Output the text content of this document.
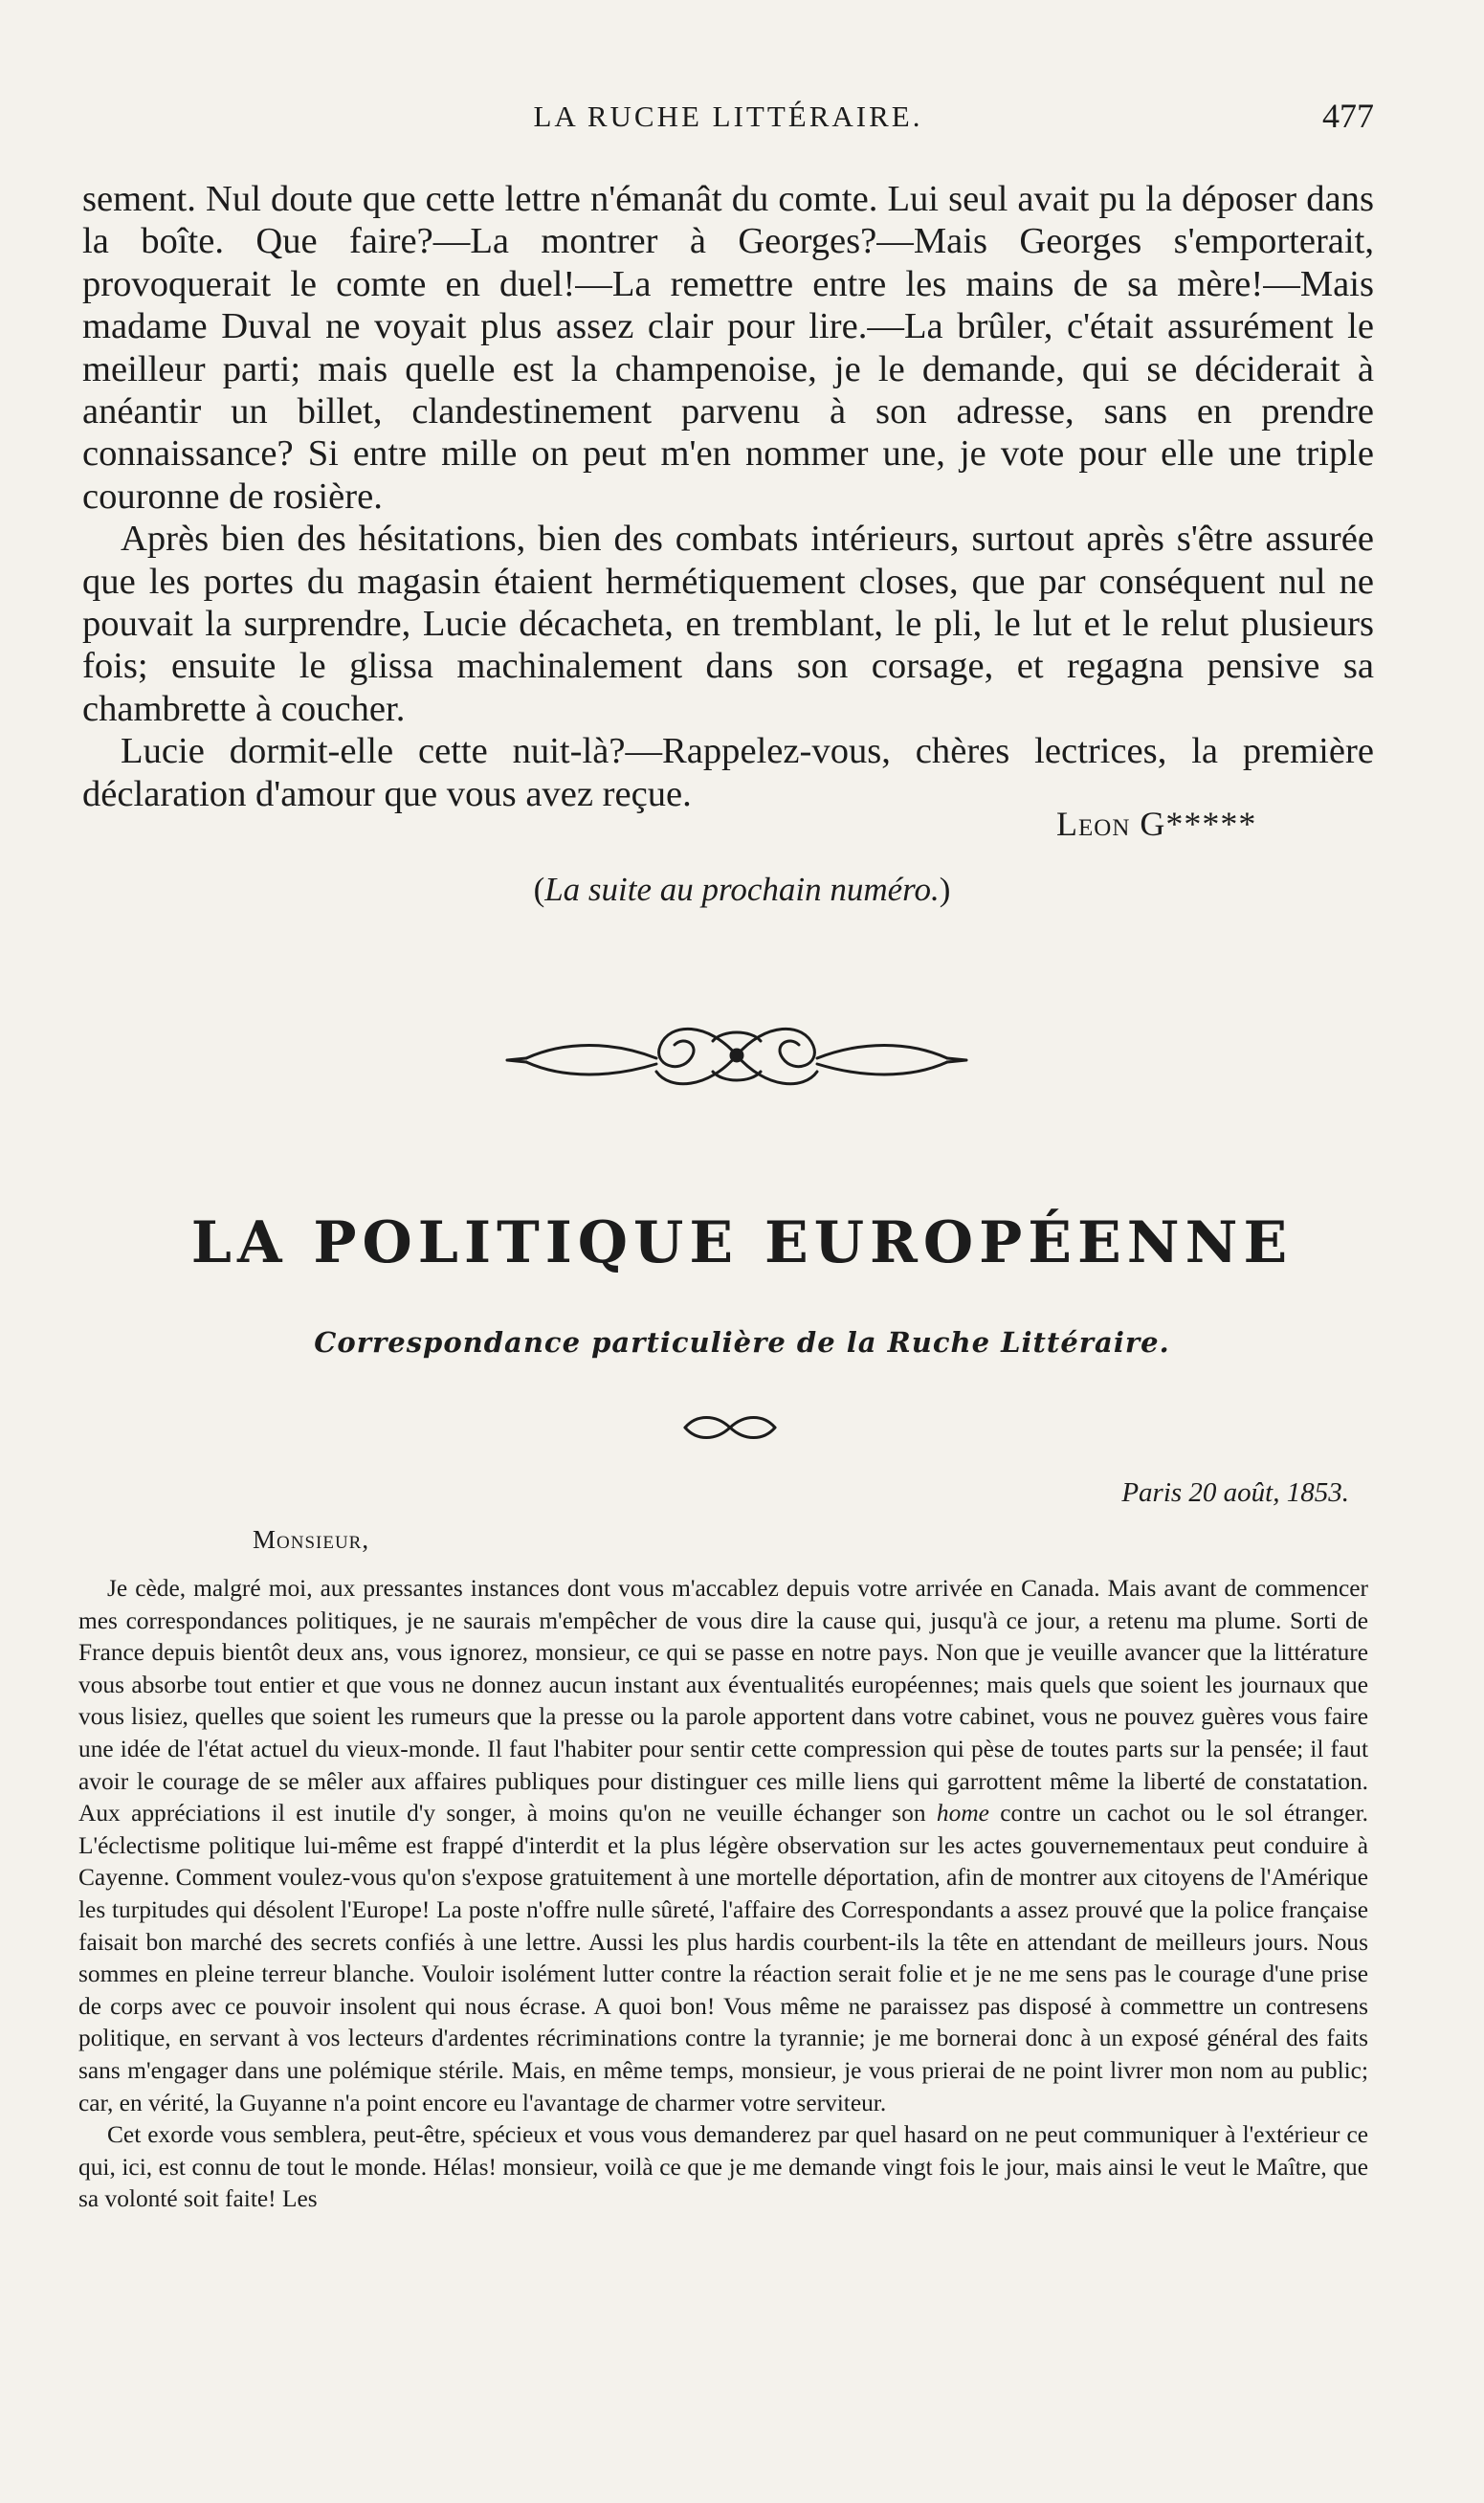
LA RUCHE LITTÉRAIRE.	477

sement. Nul doute que cette lettre n'émanât du comte. Lui seul avait pu la déposer dans la boîte. Que faire?—La montrer à Georges?—Mais Georges s'emporterait, provoquerait le comte en duel!—La remettre entre les mains de sa mère!—Mais madame Duval ne voyait plus assez clair pour lire.—La brûler, c'était assurément le meilleur parti; mais quelle est la champenoise, je le demande, qui se déciderait à anéantir un billet, clandestinement parvenu à son adresse, sans en prendre connaissance? Si entre mille on peut m'en nommer une, je vote pour elle une triple couronne de rosière.

Après bien des hésitations, bien des combats intérieurs, surtout après s'être assurée que les portes du magasin étaient hermétiquement closes, que par conséquent nul ne pouvait la surprendre, Lucie décacheta, en tremblant, le pli, le lut et le relut plusieurs fois; ensuite le glissa machinalement dans son corsage, et regagna pensive sa chambrette à coucher.

Lucie dormit-elle cette nuit-là?—Rappelez-vous, chères lectrices, la première déclaration d'amour que vous avez reçue.

Leon G*****
(La suite au prochain numéro.)
LA POLITIQUE EUROPÉENNE
Correspondance particulière de la Ruche Littéraire.
Paris 20 août, 1853.
Monsieur,

Je cède, malgré moi, aux pressantes instances dont vous m'accablez depuis votre arrivée en Canada. Mais avant de commencer mes correspondances politiques, je ne saurais m'empêcher de vous dire la cause qui, jusqu'à ce jour, a retenu ma plume. Sorti de France depuis bientôt deux ans, vous ignorez, monsieur, ce qui se passe en notre pays. Non que je veuille avancer que la littérature vous absorbe tout entier et que vous ne donnez aucun instant aux éventualités européennes; mais quels que soient les journaux que vous lisiez, quelles que soient les rumeurs que la presse ou la parole apportent dans votre cabinet, vous ne pouvez guères vous faire une idée de l'état actuel du vieux-monde. Il faut l'habiter pour sentir cette compression qui pèse de toutes parts sur la pensée; il faut avoir le courage de se mêler aux affaires publiques pour distinguer ces mille liens qui garrottent même la liberté de constatation. Aux appréciations il est inutile d'y songer, à moins qu'on ne veuille échanger son home contre un cachot ou le sol étranger. L'éclectisme politique lui-même est frappé d'interdit et la plus légère observation sur les actes gouvernementaux peut conduire à Cayenne. Comment voulez-vous qu'on s'expose gratuitement à une mortelle déportation, afin de montrer aux citoyens de l'Amérique les turpitudes qui désolent l'Europe! La poste n'offre nulle sûreté, l'affaire des Correspondants a assez prouvé que la police française faisait bon marché des secrets confiés à une lettre. Aussi les plus hardis courbent-ils la tête en attendant de meilleurs jours. Nous sommes en pleine terreur blanche. Vouloir isolément lutter contre la réaction serait folie et je ne me sens pas le courage d'une prise de corps avec ce pouvoir insolent qui nous écrase. A quoi bon! Vous même ne paraissez pas disposé à commettre un contresens politique, en servant à vos lecteurs d'ardentes récriminations contre la tyrannie; je me bornerai donc à un exposé général des faits sans m'engager dans une polémique stérile. Mais, en même temps, monsieur, je vous prierai de ne point livrer mon nom au public; car, en vérité, la Guyanne n'a point encore eu l'avantage de charmer votre serviteur.

Cet exorde vous semblera, peut-être, spécieux et vous vous demanderez par quel hasard on ne peut communiquer à l'extérieur ce qui, ici, est connu de tout le monde. Hélas! monsieur, voilà ce que je me demande vingt fois le jour, mais ainsi le veut le Maître, que sa volonté soit faite! Les
